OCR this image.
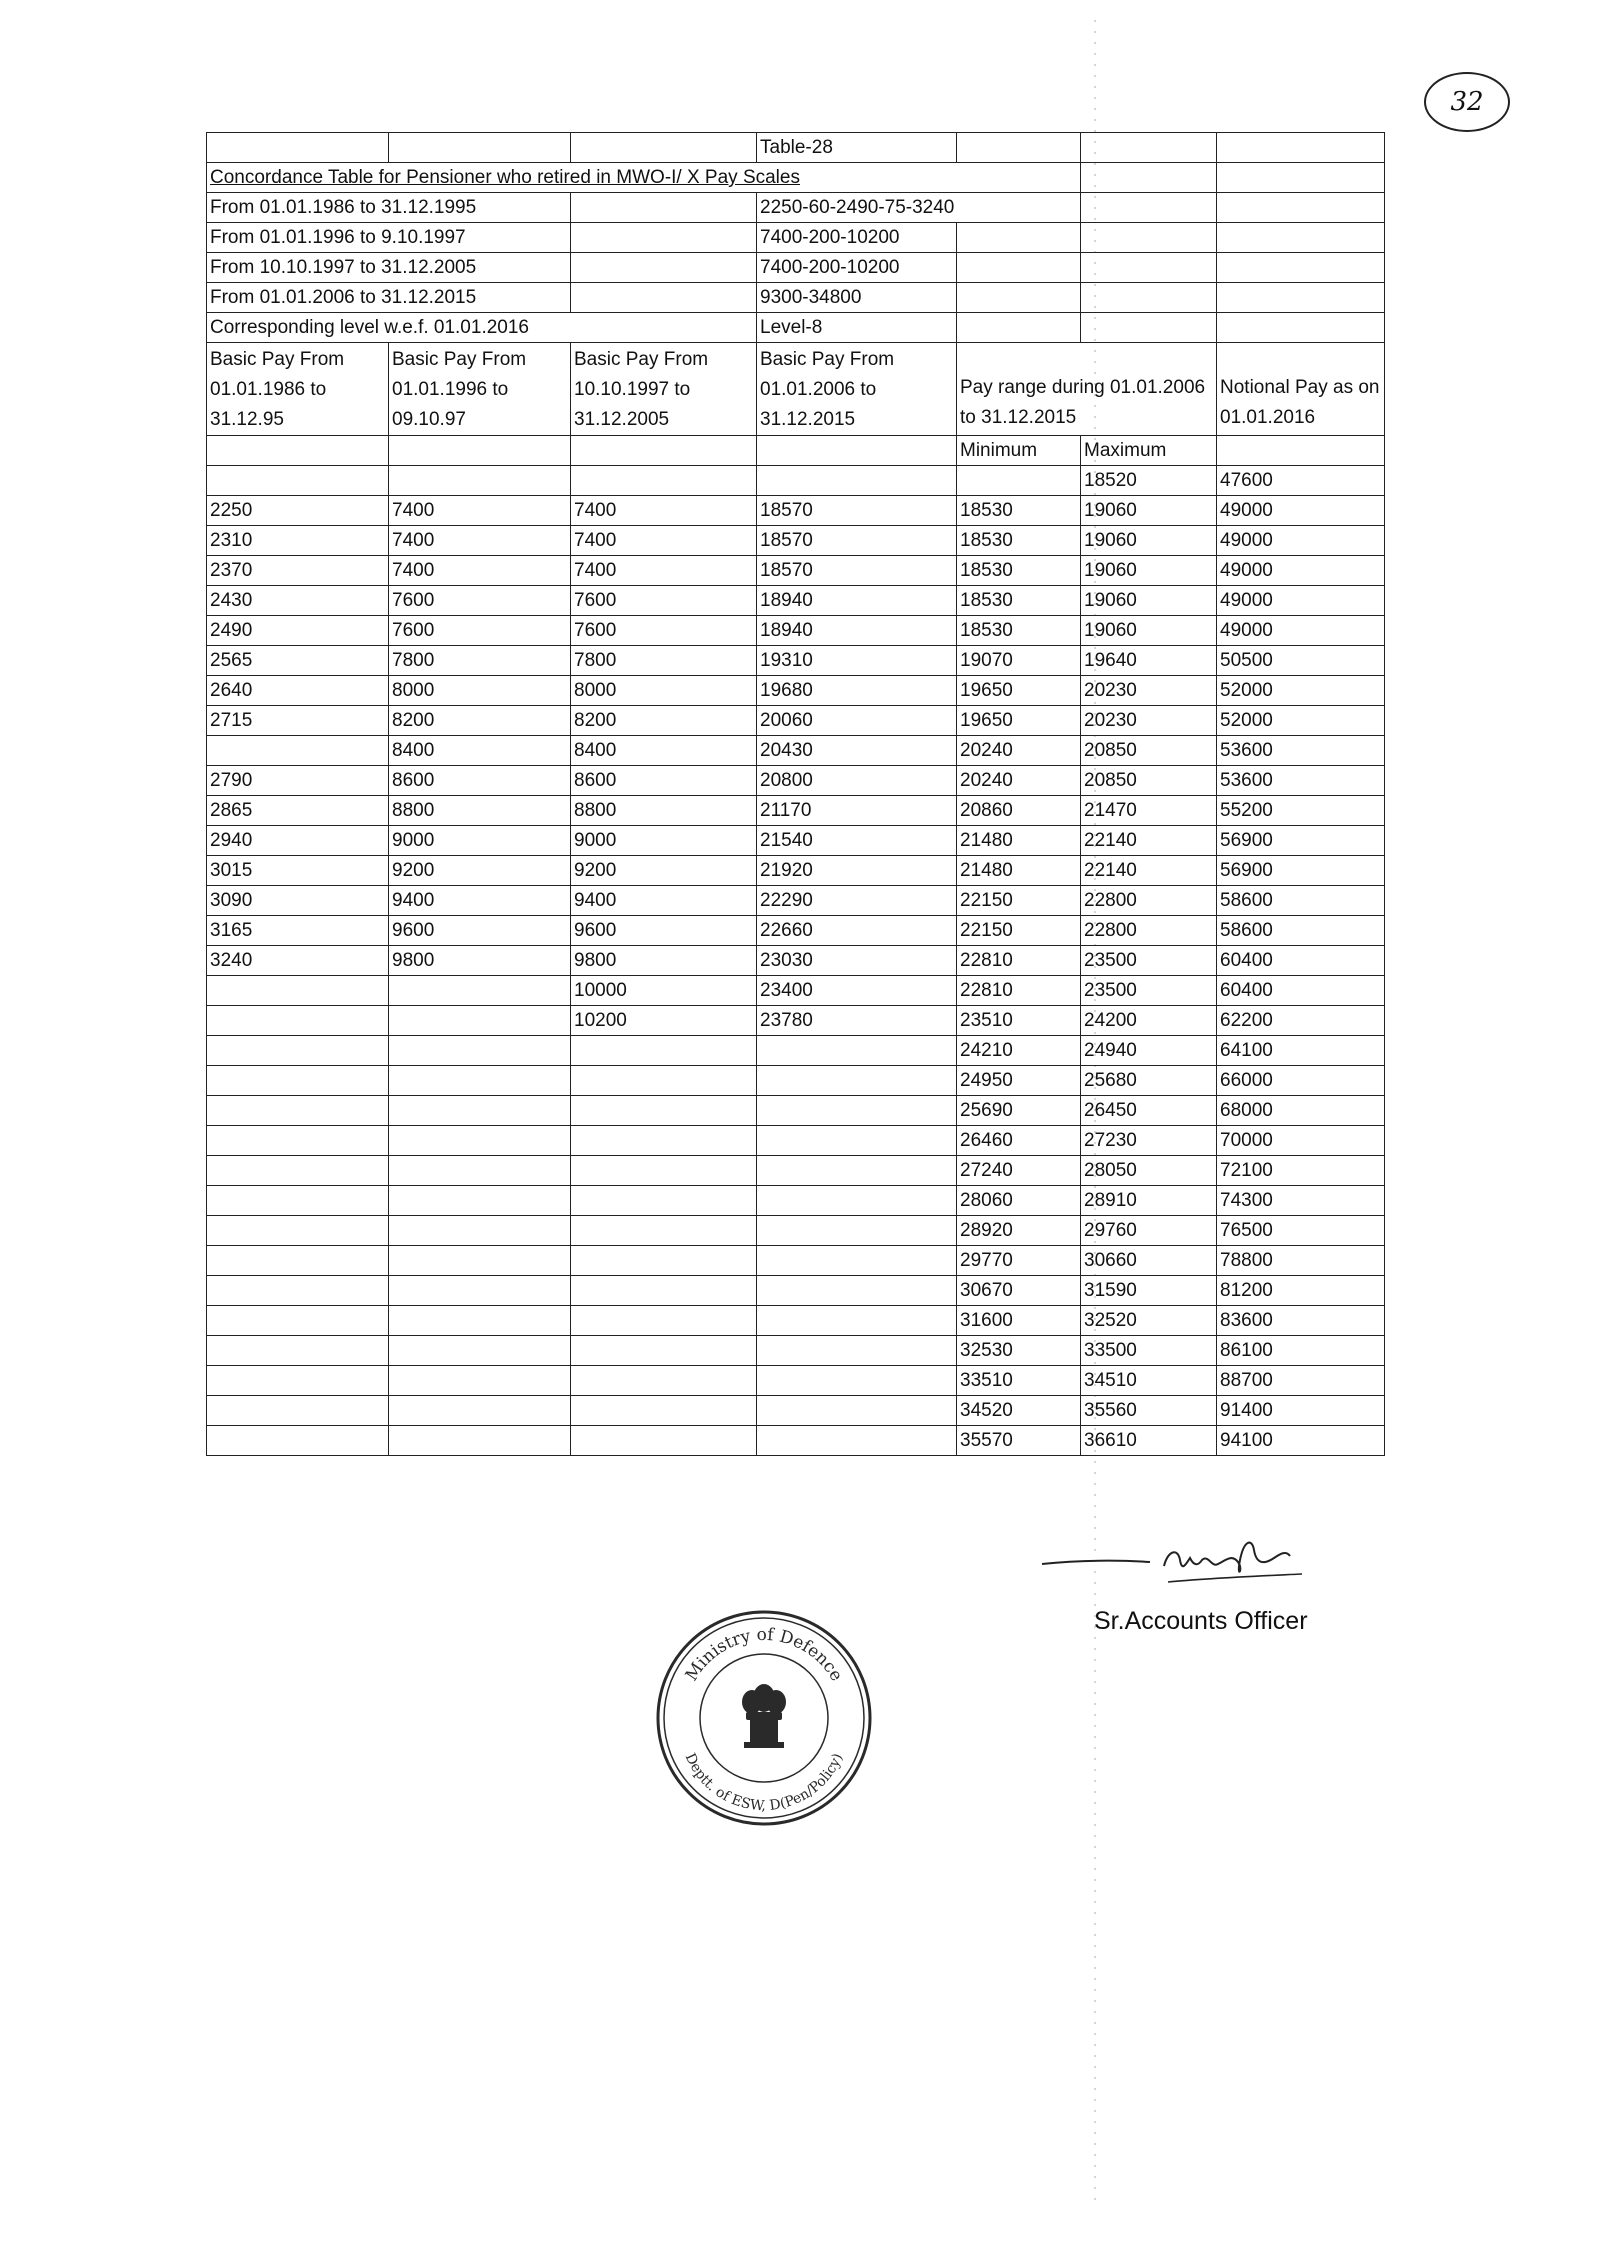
32
			Table-28			
Concordance Table for Pensioner who retired in MWO-I/ X Pay Scales						
From 01.01.1986 to 31.12.1995			2250-60-2490-75-3240			
From 01.01.1996 to 9.10.1997			7400-200-10200			
From 10.10.1997 to 31.12.2005			7400-200-10200			
From 01.01.2006 to 31.12.2015			9300-34800			
Corresponding level w.e.f. 01.01.2016			Level-8			
Basic Pay From 01.01.1986 to 31.12.95	Basic Pay From 01.01.1996 to 09.10.97	Basic Pay From 10.10.1997 to 31.12.2005	Basic Pay From 01.01.2006 to 31.12.2015	Pay range during 01.01.2006 to 31.12.2015		Notional Pay as on 01.01.2016
				Minimum	Maximum	
					18520	47600
2250	7400	7400	18570	18530	19060	49000
2310	7400	7400	18570	18530	19060	49000
2370	7400	7400	18570	18530	19060	49000
2430	7600	7600	18940	18530	19060	49000
2490	7600	7600	18940	18530	19060	49000
2565	7800	7800	19310	19070	19640	50500
2640	8000	8000	19680	19650	20230	52000
2715	8200	8200	20060	19650	20230	52000
	8400	8400	20430	20240	20850	53600
2790	8600	8600	20800	20240	20850	53600
2865	8800	8800	21170	20860	21470	55200
2940	9000	9000	21540	21480	22140	56900
3015	9200	9200	21920	21480	22140	56900
3090	9400	9400	22290	22150	22800	58600
3165	9600	9600	22660	22150	22800	58600
3240	9800	9800	23030	22810	23500	60400
		10000	23400	22810	23500	60400
		10200	23780	23510	24200	62200
				24210	24940	64100
				24950	25680	66000
				25690	26450	68000
				26460	27230	70000
				27240	28050	72100
				28060	28910	74300
				28920	29760	76500
				29770	30660	78800
				30670	31590	81200
				31600	32520	83600
				32530	33500	86100
				33510	34510	88700
				34520	35560	91400
				35570	36610	94100
Sr.Accounts Officer
Ministry of Defence
Deptt. of ESW, D(Pen/Policy)
